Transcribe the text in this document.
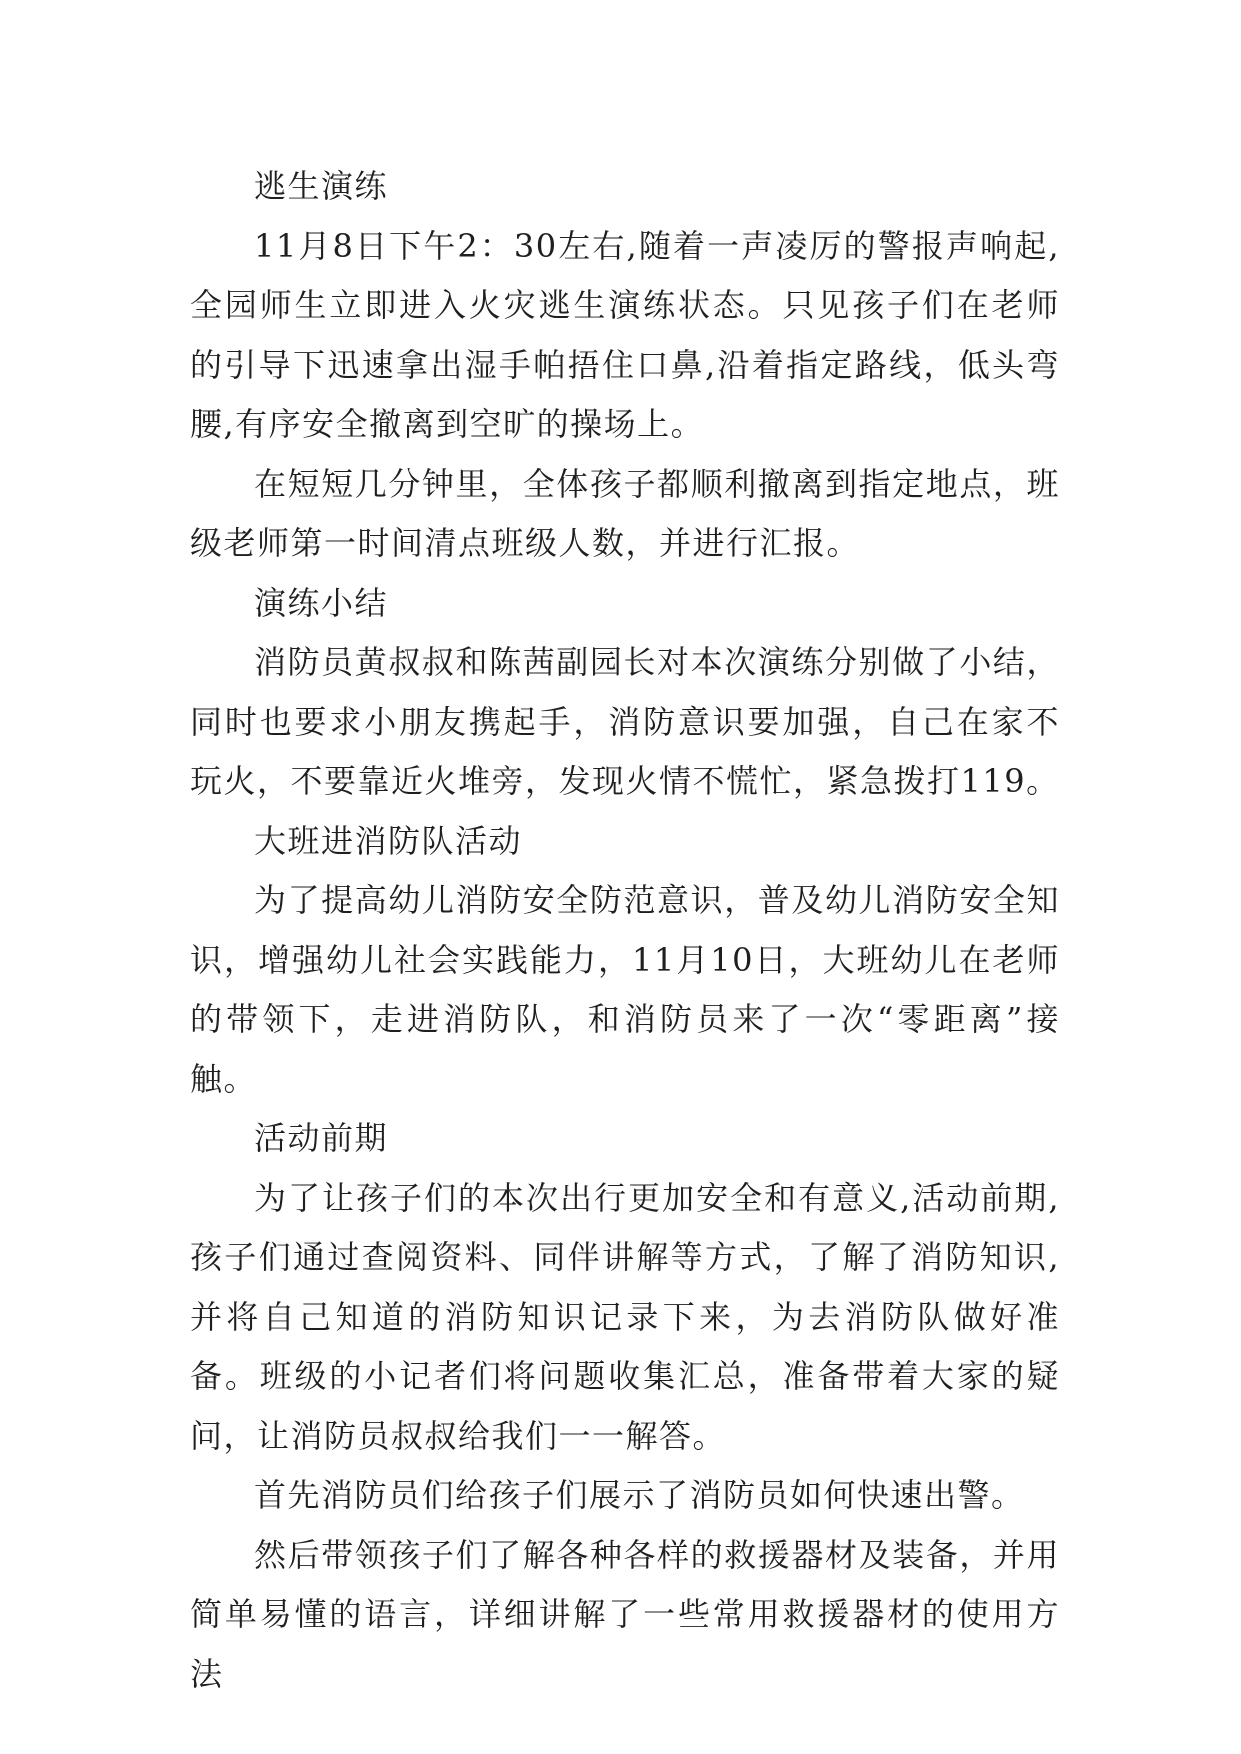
逃生演练

11月8日下午2：30左右,随着一声凌厉的警报声响起,全园师生立即进入火灾逃生演练状态。只见孩子们在老师的引导下迅速拿出湿手帕捂住口鼻,沿着指定路线，低头弯腰,有序安全撤离到空旷的操场上。

在短短几分钟里，全体孩子都顺利撤离到指定地点，班级老师第一时间清点班级人数，并进行汇报。

演练小结

消防员黄叔叔和陈茜副园长对本次演练分别做了小结，同时也要求小朋友携起手，消防意识要加强，自己在家不玩火，不要靠近火堆旁，发现火情不慌忙，紧急拨打119。

大班进消防队活动

为了提高幼儿消防安全防范意识，普及幼儿消防安全知识，增强幼儿社会实践能力，11月10日，大班幼儿在老师的带领下，走进消防队，和消防员来了一次“零距离”接触。

活动前期

为了让孩子们的本次出行更加安全和有意义,活动前期,孩子们通过查阅资料、同伴讲解等方式，了解了消防知识,并将自己知道的消防知识记录下来，为去消防队做好准备。班级的小记者们将问题收集汇总，准备带着大家的疑问，让消防员叔叔给我们一一解答。

首先消防员们给孩子们展示了消防员如何快速出警。

然后带领孩子们了解各种各样的救援器材及装备，并用简单易懂的语言，详细讲解了一些常用救援器材的使用方法
